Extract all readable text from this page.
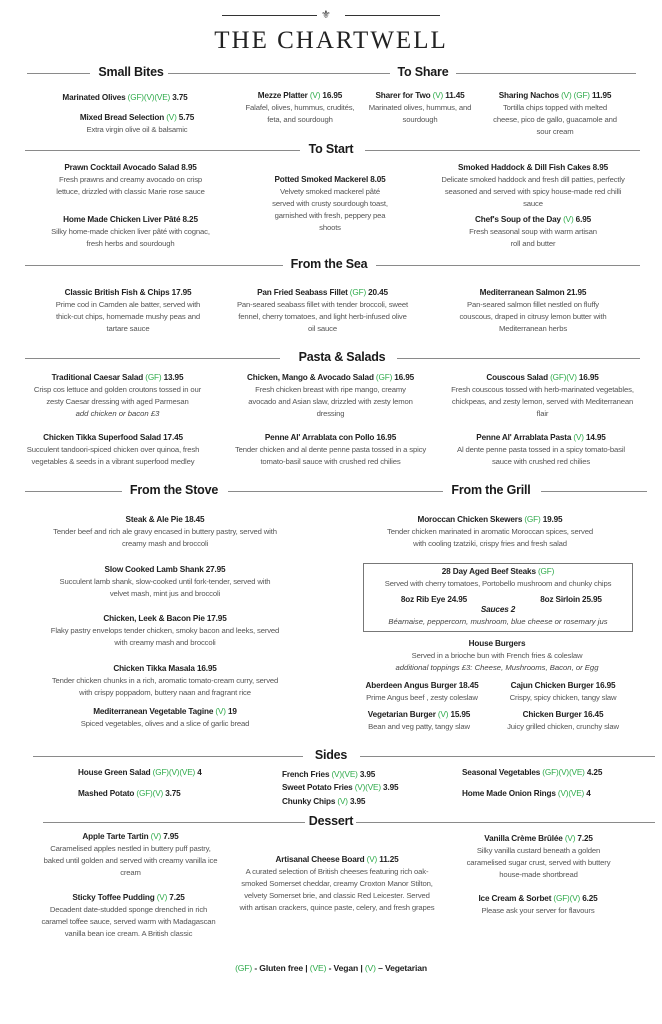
⚜
THE CHARTWELL
Small Bites	To Share
Marinated Olives (GF)(V)(VE) 3.75
Mixed Bread Selection (V) 5.75
Extra virgin olive oil & balsamic
Mezze Platter (V) 16.95
Falafel, olives, hummus, crudités, feta, and sourdough
Sharer for Two (V) 11.45
Marinated olives, hummus, and sourdough
Sharing Nachos (V) (GF) 11.95
Tortilla chips topped with melted cheese, pico de gallo, guacamole and sour cream
To Start
Prawn Cocktail Avocado Salad 8.95
Fresh prawns and creamy avocado on crisp lettuce, drizzled with classic Marie rose sauce
Home Made Chicken Liver Pâté 8.25
Silky home-made chicken liver pâté with cognac, fresh herbs and sourdough
Potted Smoked Mackerel 8.05
Velvety smoked mackerel pâté served with crusty sourdough toast, garnished with fresh, peppery pea shoots
Smoked Haddock & Dill Fish Cakes 8.95
Delicate smoked haddock and fresh dill patties, perfectly seasoned and served with spicy house-made red chilli sauce
Chef's Soup of the Day (V) 6.95
Fresh seasonal soup with warm artisan roll and butter
From the Sea
Classic British Fish & Chips 17.95
Prime cod in Camden ale batter, served with thick-cut chips, homemade mushy peas and tartare sauce
Pan Fried Seabass Fillet (GF) 20.45
Pan-seared seabass fillet with tender broccoli, sweet fennel, cherry tomatoes, and light herb-infused olive oil sauce
Mediterranean Salmon 21.95
Pan-seared salmon fillet nestled on fluffy couscous, draped in citrusy lemon butter with Mediterranean herbs
Pasta & Salads
Traditional Caesar Salad (GF) 13.95
Crisp cos lettuce and golden croutons tossed in our zesty Caesar dressing with aged Parmesan
add chicken or bacon £3
Chicken, Mango & Avocado Salad (GF) 16.95
Fresh chicken breast with ripe mango, creamy avocado and Asian slaw, drizzled with zesty lemon dressing
Couscous Salad (GF)(V) 16.95
Fresh couscous tossed with herb-marinated vegetables, chickpeas, and zesty lemon, served with Mediterranean flair
Chicken Tikka Superfood Salad 17.45
Succulent tandoori-spiced chicken over quinoa, fresh vegetables & seeds in a vibrant superfood medley
Penne Al' Arrablata con Pollo 16.95
Tender chicken and al dente penne pasta tossed in a spicy tomato-basil sauce with crushed red chilies
Penne Al' Arrablata Pasta (V) 14.95
Al dente penne pasta tossed in a spicy tomato-basil sauce with crushed red chilies
From the Stove	From the Grill
Steak & Ale Pie 18.45
Tender beef and rich ale gravy encased in buttery pastry, served with creamy mash and broccoli
Slow Cooked Lamb Shank 27.95
Succulent lamb shank, slow-cooked until fork-tender, served with velvet mash, mint jus and broccoli
Chicken, Leek & Bacon Pie 17.95
Flaky pastry envelops tender chicken, smoky bacon and leeks, served with creamy mash and broccoli
Chicken Tikka Masala 16.95
Tender chicken chunks in a rich, aromatic tomato-cream curry, served with crispy poppadom, buttery naan and fragrant rice
Mediterranean Vegetable Tagine (V) 19
Spiced vegetables, olives and a slice of garlic bread
Moroccan Chicken Skewers (GF) 19.95
Tender chicken marinated in aromatic Moroccan spices, served with cooling tzatziki, crispy fries and fresh salad
28 Day Aged Beef Steaks (GF)
Served with cherry tomatoes, Portobello mushroom and chunky chips
8oz Rib Eye 24.95	8oz Sirloin 25.95
Sauces 2
Béarnaise, peppercorn, mushroom, blue cheese or rosemary jus
House Burgers
Served in a brioche bun with French fries & coleslaw
additional toppings £3: Cheese, Mushrooms, Bacon, or Egg
Aberdeen Angus Burger 18.45
Prime Angus beef , zesty coleslaw
Cajun Chicken Burger 16.95
Crispy, spicy chicken, tangy slaw
Vegetarian Burger (V) 15.95
Bean and veg patty, tangy slaw
Chicken Burger 16.45
Juicy grilled chicken, crunchy slaw
Sides
House Green Salad (GF)(V)(VE) 4
Mashed Potato (GF)(V) 3.75
French Fries (V)(VE) 3.95
Sweet Potato Fries (V)(VE) 3.95
Chunky Chips (V) 3.95
Seasonal Vegetables (GF)(V)(VE) 4.25
Home Made Onion Rings (V)(VE) 4
Dessert
Apple Tarte Tartin (V) 7.95
Caramelised apples nestled in buttery puff pastry, baked until golden and served with creamy vanilla ice cream
Sticky Toffee Pudding (V) 7.25
Decadent date-studded sponge drenched in rich caramel toffee sauce, served warm with Madagascan vanilla bean ice cream. A British classic
Artisanal Cheese Board (V) 11.25
A curated selection of British cheeses featuring rich oak-smoked Somerset cheddar, creamy Croxton Manor Stilton, velvety Somerset brie, and classic Red Leicester. Served with artisan crackers, quince paste, celery, and fresh grapes
Vanilla Crème Brûlée (V) 7.25
Silky vanilla custard beneath a golden caramelised sugar crust, served with buttery house-made shortbread
Ice Cream & Sorbet (GF)(V) 6.25
Please ask your server for flavours
(GF) - Gluten free | (VE) - Vegan | (V) – Vegetarian
